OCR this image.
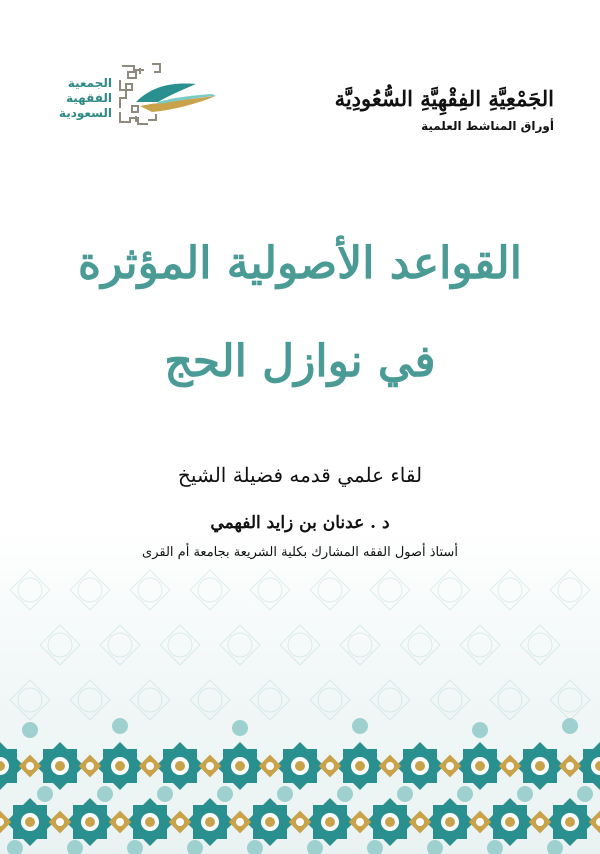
الجمعية
الفقهية
السعودية
الجَمْعِيَّةِ الفِقْهِيَّةِ السُّعُودِيَّة
أوراق المناشط العلمية
القواعد الأصولية المؤثرة
في نوازل الحج
لقاء علمي قدمه فضيلة الشيخ
د . عدنان بن زايد الفهمي
أستاذ أصول الفقه المشارك بكلية الشريعة بجامعة أم القرى
